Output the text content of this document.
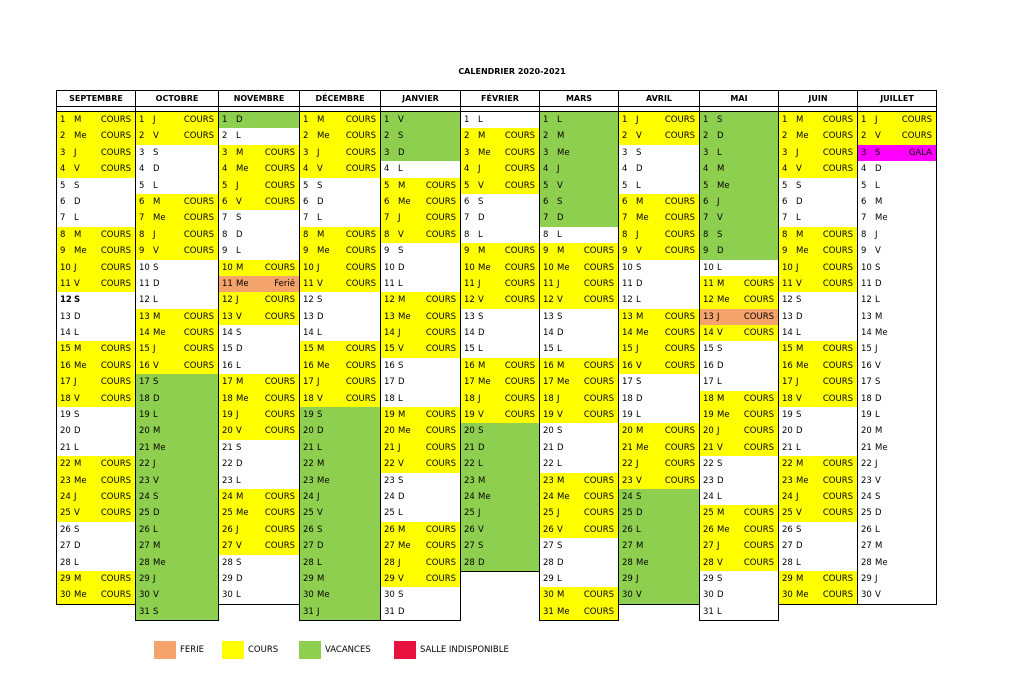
CALENDRIER 2020-2021
SEPTEMBRE
1 M COURS
2 Me COURS
3 J	COURS
4 V COURS
5 S
6 D
7 L
8 M COURS
9 Me COURS
10 J	COURS
11 V COURS
12 S
13 D
14 L
15 M COURS
16 Me COURS
17 J	COURS
18 V COURS
19 S
20 D
21 L
22 M COURS
23 Me COURS
24 J	COURS
25 V COURS
26 S
27 D
28 L
29 M COURS
30 Me COURS
OCTOBRE
1 J	COURS
2 V	COURS
3 S
4 D
5 L
6 M	COURS
7 Me COURS
8 J	COURS
9 V	COURS
10 S
11 D
12 L
13 M	COURS
14 Me COURS
15 J	COURS
16 V	COURS
17 S
18 D
19 L
20 M
21 Me
22 J
23 V
24 S
25 D
26 L
27 M
28 Me
29 J
30 V
31 S
NOVEMBRE
1 D
2 L
3 M	COURS
4 Me COURS
5 J	COURS
6 V	COURS
7 S
8 D
9 L
10 M	COURS
11 Me	Ferié
12 J	COURS
13 V	COURS
14 S
15 D
16 L
17 M	COURS
18 Me COURS
19 J	COURS
20 V	COURS
21 S
22 D
23 L
24 M	COURS
25 Me COURS
26 J	COURS
27 V	COURS
28 S
29 D
30 L
DÉCEMBRE
1 M	COURS
2 Me COURS
3 J	COURS
4 V	COURS
5 S
6 D
7 L
8 M	COURS
9 Me COURS
10 J	COURS
11 V	COURS
12 S
13 D
14 L
15 M	COURS
16 Me COURS
17 J	COURS
18 V	COURS
19 S
20 D
21 L
22 M
23 Me
24 J
25 V
26 S
27 D
28 L
29 M
30 Me
31 J
JANVIER
1 V
2 S
3 D
4 L
5 M COURS
6 Me COURS
7 J	COURS
8 V	COURS
9 S
10 D
11 L
12 M COURS
13 Me COURS
14 J	COURS
15 V	COURS
16 S
17 D
18 L
19 M COURS
20 Me COURS
21 J	COURS
22 V	COURS
23 S
24 D
25 L
26 M COURS
27 Me COURS
28 J	COURS
29 V	COURS
30 S
31 D
FÉVRIER
1 L
2 M COURS
3 Me COURS
4 J	COURS
5 V COURS
6 S
7 D
8 L
9 M COURS
10 Me COURS
11 J	COURS
12 V COURS
13 S
14 D
15 L
16 M COURS
17 Me COURS
18 J	COURS
19 V COURS
20 S
21 D
22 L
23 M
24 Me
25 J
26 V
27 S
28 D
MARS
1 L
2 M
3 Me
4 J
5 V
6 S
7 D
8 L
9 M COURS
10 Me COURS
11 J	COURS
12 V COURS
13 S
14 D
15 L
16 M COURS
17 Me COURS
18 J	COURS
19 V COURS
20 S
21 D
22 L
23 M COURS
24 Me COURS
25 J	COURS
26 V COURS
27 S
28 D
29 L
30 M COURS
31 Me COURS
AVRIL
1 J	COURS
2 V	COURS
3 S
4 D
5 L
6 M	COURS
7 Me COURS
8 J	COURS
9 V	COURS
10 S
11 D
12 L
13 M	COURS
14 Me COURS
15 J	COURS
16 V	COURS
17 S
18 D
19 L
20 M	COURS
21 Me COURS
22 J	COURS
23 V	COURS
24 S
25 D
26 L
27 M
28 Me
29 J
30 V
MAI
1 S
2 D
3 L
4 M
5 Me
6 J
7 V
8 S
9 D
10 L
11 M COURS
12 Me COURS
13 J	COURS
14 V COURS
15 S
16 D
17 L
18 M COURS
19 Me COURS
20 J	COURS
21 V COURS
22 S
23 D
24 L
25 M COURS
26 Me COURS
27 J	COURS
28 V COURS
29 S
30 D
31 L
JUIN
1 M COURS
2 Me COURS
3 J	COURS
4 V COURS
5 S
6 D
7 L
8 M COURS
9 Me COURS
10 J	COURS
11 V COURS
12 S
13 D
14 L
15 M COURS
16 Me COURS
17 J	COURS
18 V COURS
19 S
20 D
21 L
22 M COURS
23 Me COURS
24 J	COURS
25 V COURS
26 S
27 D
28 L
29 M COURS
30 Me COURS
JUILLET
1 J	COURS
2 V COURS
3 S	GALA
4 D
5 L
6 M
7 Me
8 J
9 V
10 S
11 D
12 L
13 M
14 Me
15 J
16 V
17 S
18 D
19 L
20 M
21 Me
22 J
23 V
24 S
25 D
26 L
27 M
28 Me
29 J
30 V
FERIE	COURS	VACANCES	SALLE INDISPONIBLE
